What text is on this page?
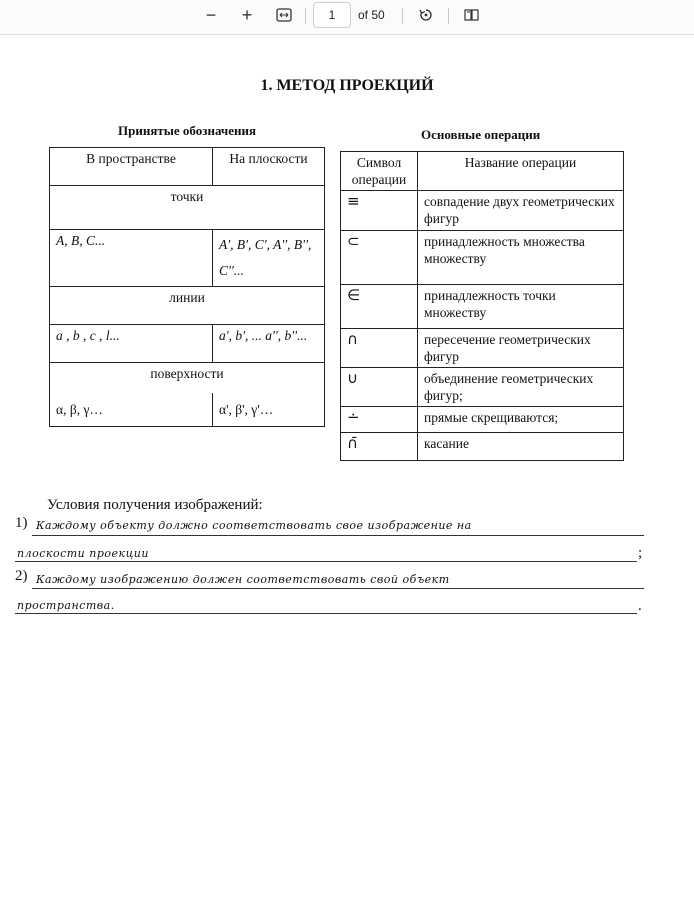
−	+	1	of 50
1. МЕТОД ПРОЕКЦИЙ
Принятые обозначения	Основные операции
В пространстве	На плоскости
точки	
A, B, C...	A', B', C', A'', B'', C''...
линии	
a , b , c , l...	a', b', ... a'', b''...
поверхности	
α, β, γ…	α', β', γ'…
Символ операции	Название операции
≡	совпадение двух геометрических фигур
⊂	принадлежность множества множеству
∈	принадлежность точки множеству
∩	пересечение геометрических фигур
∪	объединение геометрических фигур;
∸	прямые скрещиваются;
∩̄	касание
Условия получения изображений:
1) Каждому объекту должно соответствовать свое изображение на
плоскости проекции	;
2) Каждому изображению должен соответствовать свой объект
пространства.	.
